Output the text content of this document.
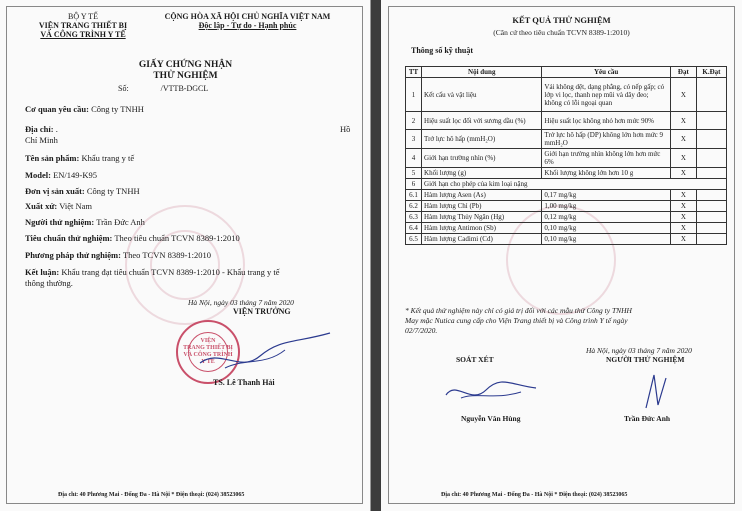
BỘ Y TẾ
VIỆN TRANG THIẾT BỊ
VÀ CÔNG TRÌNH Y TẾ
CỘNG HÒA XÃ HỘI CHỦ NGHĨA VIỆT NAM
Độc lập - Tự do - Hạnh phúc
GIẤY CHỨNG NHẬN
THỬ NGHIỆM
Số:	/VTTB-DGCL
Cơ quan yêu cầu: Công ty TNHH
Địa chỉ: .	Hồ
Chí Minh
Tên sản phẩm: Khẩu trang y tế
Model: EN/149-K95
Đơn vị sản xuất: Công ty TNHH
Xuất xứ: Việt Nam
Người thử nghiệm: Trần Đức Anh
Tiêu chuẩn thử nghiệm: Theo tiêu chuẩn TCVN 8389-1:2010
Phương pháp thử nghiệm: Theo TCVN 8389-1:2010
Kết luận: Khẩu trang đạt tiêu chuẩn TCVN 8389-1:2010 - Khẩu trang y tế
thông thường.
Hà Nội, ngày 03 tháng 7 năm 2020
VIỆN TRƯỞNG
VIỆN
TRANG THIẾT BỊ
VÀ CÔNG TRÌNH
Y TẾ
TS. Lê Thanh Hải
Địa chỉ: 40 Phương Mai - Đống Đa - Hà Nội * Điện thoại: (024) 38523065
KẾT QUẢ THỬ NGHIỆM
(Căn cứ theo tiêu chuẩn TCVN 8389-1:2010)
Thông số kỹ thuật
TT	Nội dung	Yêu cầu	Đạt	K.Đạt
1	Kết cấu và vật liệu	Vải không dệt, dạng phẳng, có nếp gấp; có lớp vi lọc, thanh nẹp mũi và dây đeo; không có lỗi ngoại quan	X	
2	Hiệu suất lọc đối với sương dầu (%)	Hiệu suất lọc không nhỏ hơn mức 90%	X	
3	Trở lực hô hấp (mmH₂O)	Trở lực hô hấp (DP) không lớn hơn mức 9 mmH₂O	X	
4	Giới hạn trường nhìn (%)	Giới hạn trường nhìn không lớn hơn mức 6%	X	
5	Khối lượng (g)	Khối lượng không lớn hơn 10 g	X	
6	Giới hạn cho phép của kim loại nặng			
6.1	Hàm lượng Asen (As)	0,17 mg/kg	X	
6.2	Hàm lượng Chì (Pb)	1,00 mg/kg	X	
6.3	Hàm lượng Thủy Ngân (Hg)	0,12 mg/kg	X	
6.4	Hàm lượng Antimon (Sb)	0,10 mg/kg	X	
6.5	Hàm lượng Cadimi (Cd)	0,10 mg/kg	X	
* Kết quả thử nghiệm này chỉ có giá trị đối với các mẫu thử Công ty TNHH
May mặc Nutica cung cấp cho Viện Trang thiết bị và Công trình Y tế ngày
02/7/2020.
Hà Nội, ngày 03 tháng 7 năm 2020
SOÁT XÉT	NGƯỜI THỬ NGHIỆM
Nguyễn Văn Hùng	Trần Đức Anh
Địa chỉ: 40 Phương Mai - Đống Đa - Hà Nội * Điện thoại: (024) 38523065
